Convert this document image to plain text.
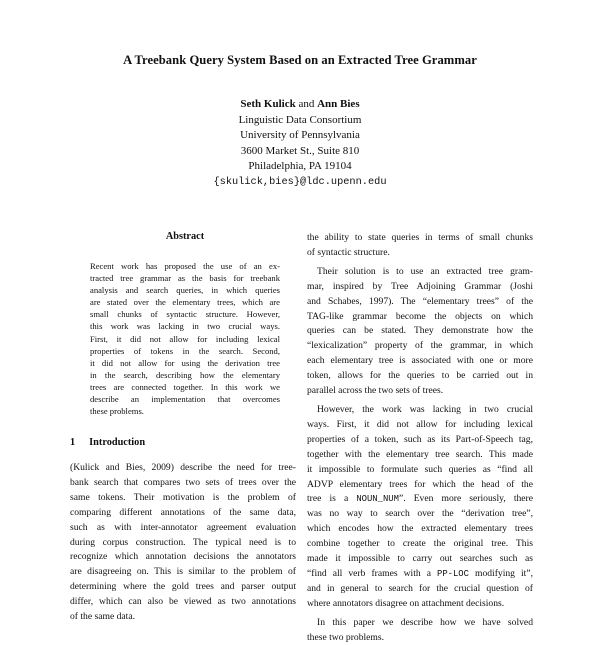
A Treebank Query System Based on an Extracted Tree Grammar
Seth Kulick and Ann Bies
Linguistic Data Consortium
University of Pennsylvania
3600 Market St., Suite 810
Philadelphia, PA 19104
{skulick,bies}@ldc.upenn.edu
Abstract
Recent work has proposed the use of an ex-
tracted tree grammar as the basis for treebank
analysis and search queries, in which queries
are stated over the elementary trees, which are
small chunks of syntactic structure. However,
this work was lacking in two crucial ways.
First, it did not allow for including lexical
properties of tokens in the search. Second,
it did not allow for using the derivation tree
in the search, describing how the elementary
trees are connected together. In this work we
describe an implementation that overcomes
these problems.
1 Introduction

(Kulick and Bies, 2009) describe the need for tree-
bank search that compares two sets of trees over the
same tokens. Their motivation is the problem of
comparing different annotations of the same data,
such as with inter-annotator agreement evaluation
during corpus construction. The typical need is to
recognize which annotation decisions the annotators
are disagreeing on. This is similar to the problem of
determining where the gold trees and parser output
differ, which can also be viewed as two annotations
of the same data.

the ability to state queries in terms of small chunks
of syntactic structure.

Their solution is to use an extracted tree gram-
mar, inspired by Tree Adjoining Grammar (Joshi
and Schabes, 1997). The “elementary trees” of the
TAG-like grammar become the objects on which
queries can be stated. They demonstrate how the
“lexicalization” property of the grammar, in which
each elementary tree is associated with one or more
token, allows for the queries to be carried out in
parallel across the two sets of trees.

However, the work was lacking in two crucial
ways. First, it did not allow for including lexical
properties of a token, such as its Part-of-Speech tag,
together with the elementary tree search. This made
it impossible to formulate such queries as “find all
ADVP elementary trees for which the head of the
tree is a NOUN_NUM”. Even more seriously, there
was no way to search over the “derivation tree”,
which encodes how the extracted elementary trees
combine together to create the original tree. This
made it impossible to carry out searches such as
“find all verb frames with a PP-LOC modifying it”,
and in general to search for the crucial question of
where annotators disagree on attachment decisions.

In this paper we describe how we have solved
these two problems.
